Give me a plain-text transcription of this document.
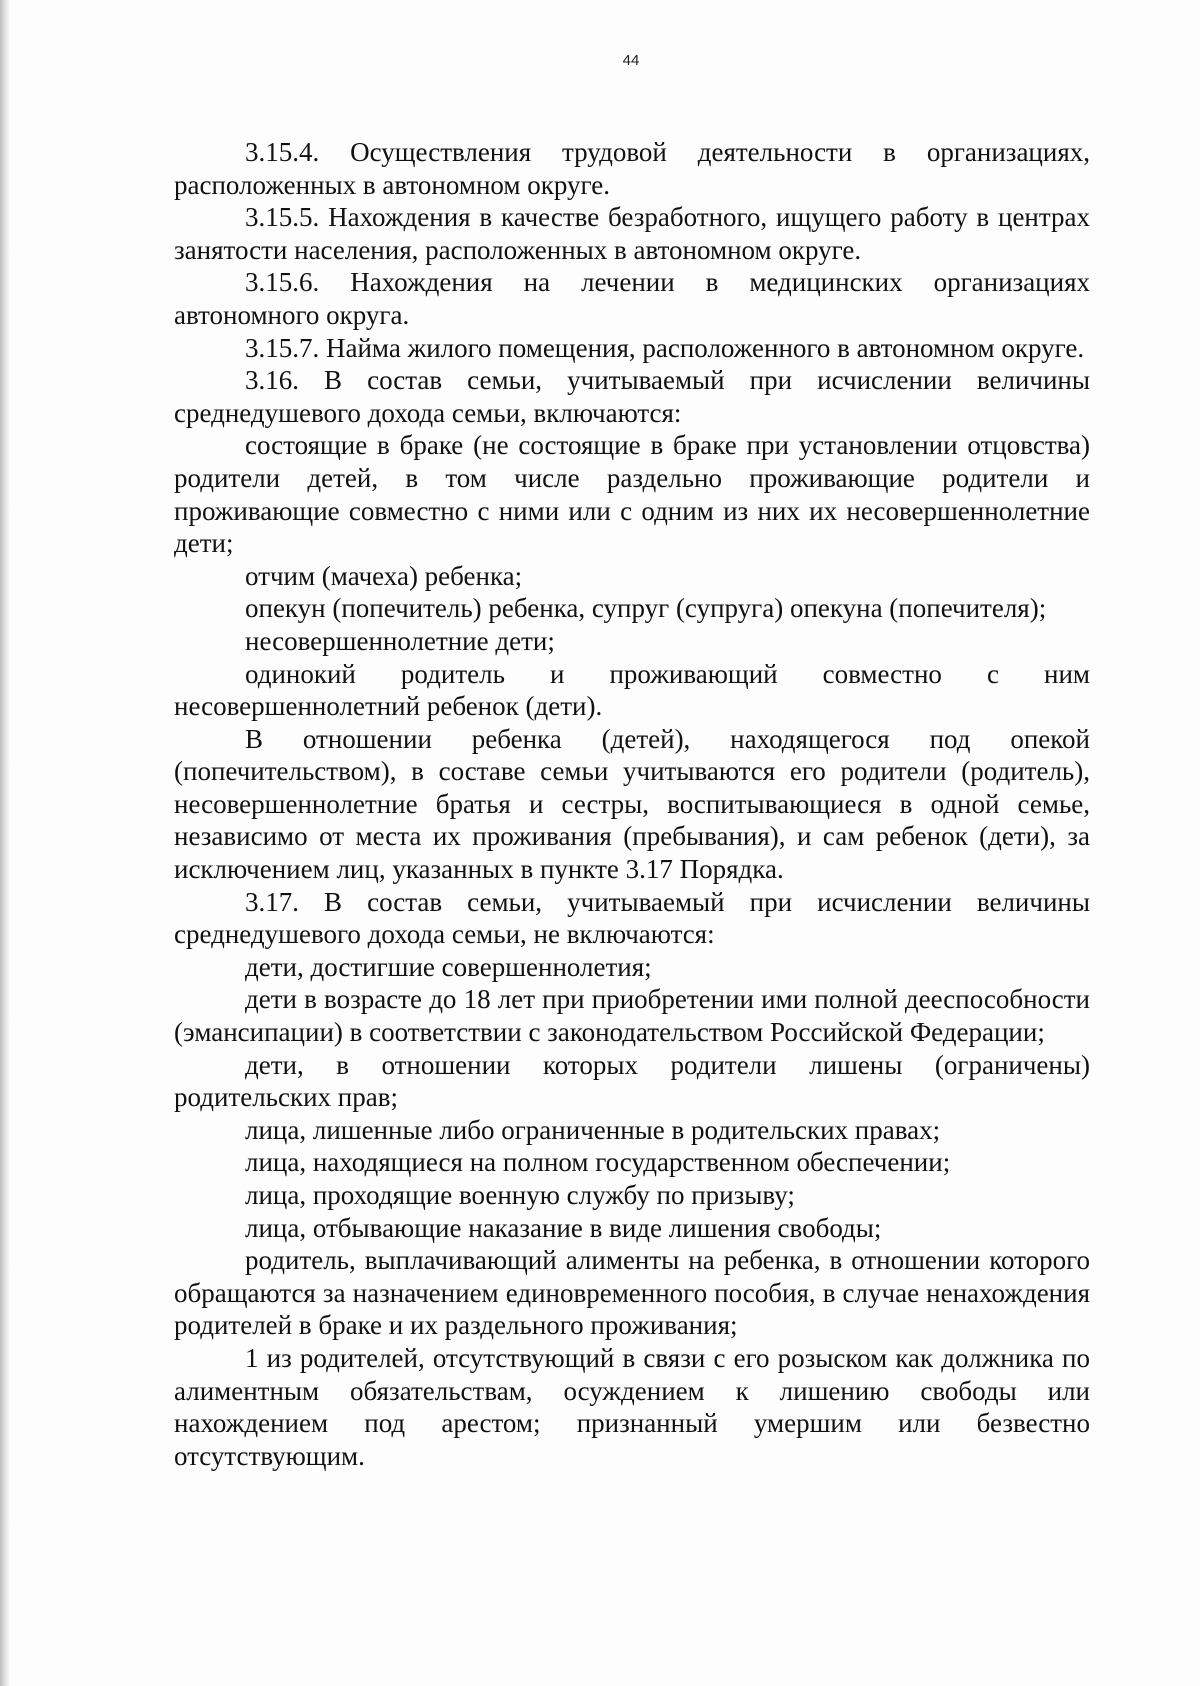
44

3.15.4. Осуществления трудовой деятельности в организациях, расположенных в автономном округе.

3.15.5. Нахождения в качестве безработного, ищущего работу в центрах занятости населения, расположенных в автономном округе.

3.15.6. Нахождения на лечении в медицинских организациях автономного округа.

3.15.7. Найма жилого помещения, расположенного в автономном округе.

3.16. В состав семьи, учитываемый при исчислении величины среднедушевого дохода семьи, включаются:

состоящие в браке (не состоящие в браке при установлении отцовства) родители детей, в том числе раздельно проживающие родители и проживающие совместно с ними или с одним из них их несовершеннолетние дети;

отчим (мачеха) ребенка;

опекун (попечитель) ребенка, супруг (супруга) опекуна (попечителя);

несовершеннолетние дети;

одинокий родитель и проживающий совместно с ним несовершеннолетний ребенок (дети).

В отношении ребенка (детей), находящегося под опекой (попечительством), в составе семьи учитываются его родители (родитель), несовершеннолетние братья и сестры, воспитывающиеся в одной семье, независимо от места их проживания (пребывания), и сам ребенок (дети), за исключением лиц, указанных в пункте 3.17 Порядка.

3.17. В состав семьи, учитываемый при исчислении величины среднедушевого дохода семьи, не включаются:

дети, достигшие совершеннолетия;

дети в возрасте до 18 лет при приобретении ими полной дееспособности (эмансипации) в соответствии с законодательством Российской Федерации;

дети, в отношении которых родители лишены (ограничены) родительских прав;

лица, лишенные либо ограниченные в родительских правах;

лица, находящиеся на полном государственном обеспечении;

лица, проходящие военную службу по призыву;

лица, отбывающие наказание в виде лишения свободы;

родитель, выплачивающий алименты на ребенка, в отношении которого обращаются за назначением единовременного пособия, в случае ненахождения родителей в браке и их раздельного проживания;

1 из родителей, отсутствующий в связи с его розыском как должника по алиментным обязательствам, осуждением к лишению свободы или нахождением под арестом; признанный умершим или безвестно отсутствующим.
